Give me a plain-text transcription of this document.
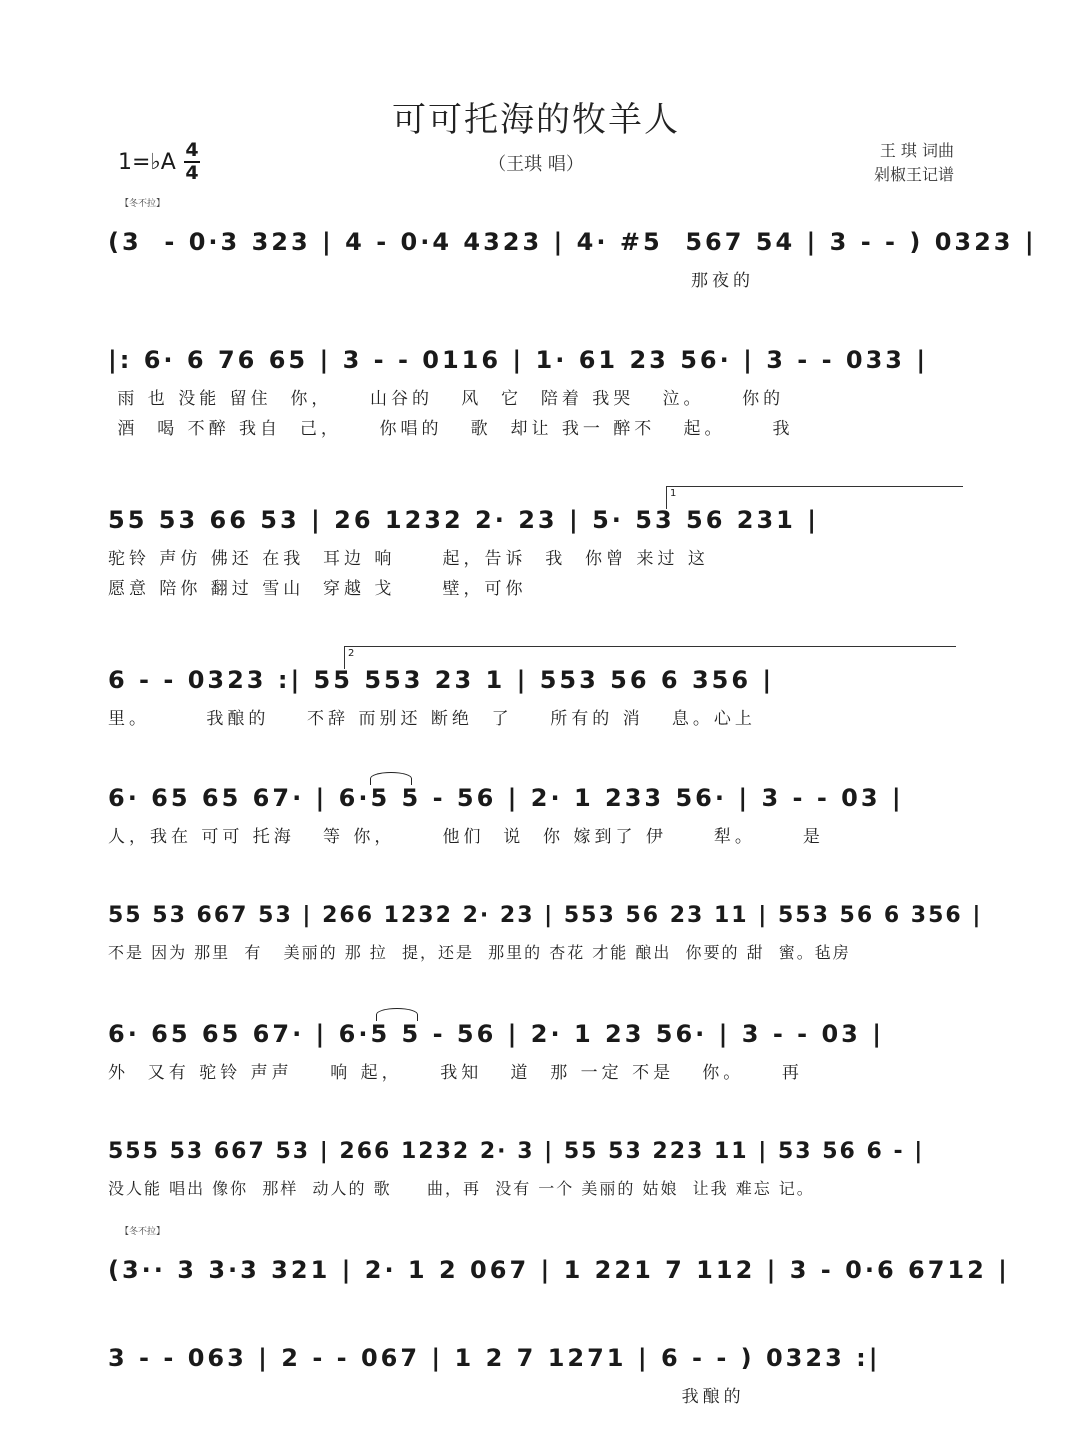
可可托海的牧羊人
（王琪 唱）
1=♭A 4
4
王 琪 词曲
剁椒王记谱
【冬不拉】
(3  - 0·3 323 | 4 - 0·4 4323 | 4· #5  567 54 | 3 - - ) 0323 |
那夜的
|: 6· 6 76 65 | 3 - - 0116 | 1· 61 23 56· | 3 - - 033 |
雨 也 没能 留住  你，    山谷的   风  它  陪着 我哭   泣。    你的
酒  喝 不醉 我自  己，    你唱的   歌  却让 我一 醉不   起。     我
1
55 53 66 53 | 26 1232 2· 23 | 5· 53 56 231 |
驼铃 声仿 佛还 在我  耳边 响     起，告诉  我  你曾 来过 这
愿意 陪你 翻过 雪山  穿越 戈     壁，可你
2
6 - - 0323 :| 55 553 23 1 | 553 56 6 356 |
里。      我酿的    不辞 而别还 断绝  了    所有的 消   息。心上
6· 65 65 67· | 6·5 5 - 56 | 2· 1 233 56· | 3 - - 03 |
人，我在 可可 托海   等 你，     他们  说  你 嫁到了 伊     犁。     是
55 53 667 53 | 266 1232 2· 23 | 553 56 23 11 | 553 56 6 356 |
不是 因为 那里  有   美丽的 那 拉  提，还是  那里的 杏花 才能 酿出  你要的 甜  蜜。毡房
6· 65 65 67· | 6·5 5 - 56 | 2· 1 23 56· | 3 - - 03 |
外  又有 驼铃 声声    响 起，    我知   道  那 一定 不是   你。    再
555 53 667 53 | 266 1232 2· 3 | 55 53 223 11 | 53 56 6 - |
没人能 唱出 像你  那样  动人的 歌     曲，再  没有 一个 美丽的 姑娘  让我 难忘 记。
【冬不拉】
(3·· 3 3·3 321 | 2· 1 2 067 | 1 221 7 112 | 3 - 0·6 6712 |
3 - - 063 | 2 - - 067 | 1 2 7 1271 | 6 - - ) 0323 :|
我酿的
